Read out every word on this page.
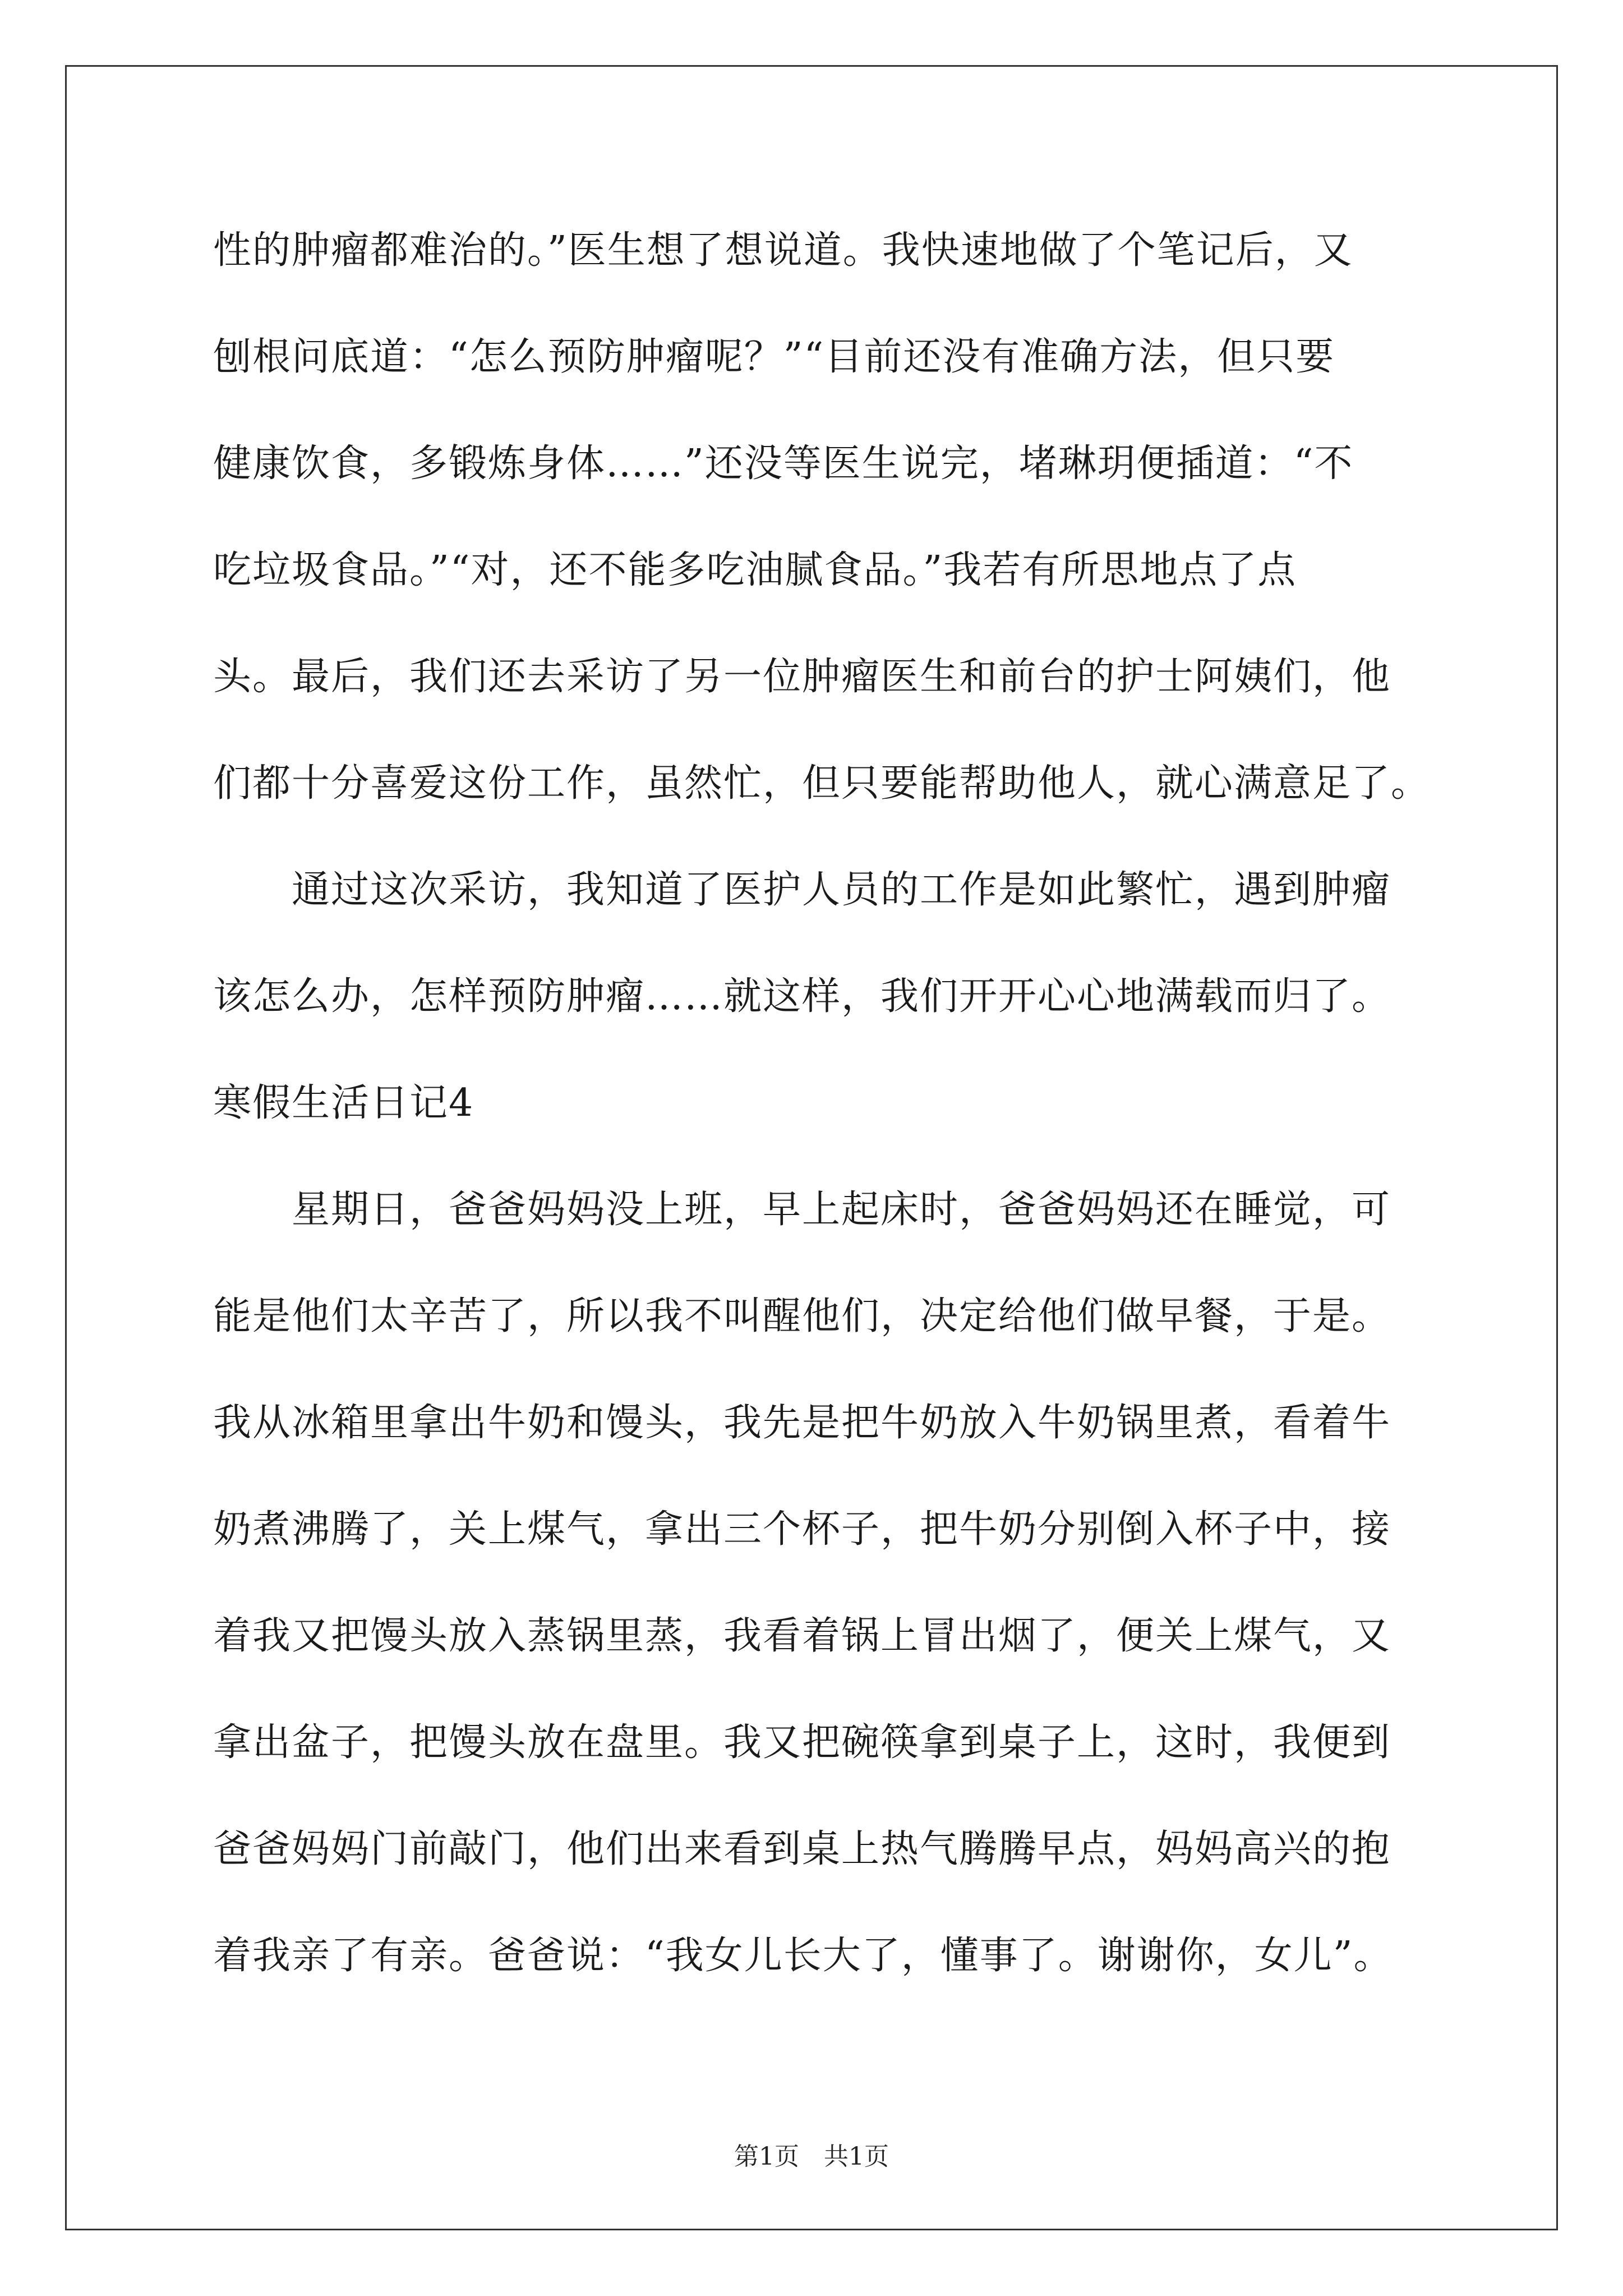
性的肿瘤都难治的。”医生想了想说道。我快速地做了个笔记后，又
刨根问底道：“怎么预防肿瘤呢？”“目前还没有准确方法，但只要
健康饮食，多锻炼身体……”还没等医生说完，堵琳玥便插道：“不
吃垃圾食品。”“对，还不能多吃油腻食品。”我若有所思地点了点
头。最后，我们还去采访了另一位肿瘤医生和前台的护士阿姨们，他
们都十分喜爱这份工作，虽然忙，但只要能帮助他人，就心满意足了。
通过这次采访，我知道了医护人员的工作是如此繁忙，遇到肿瘤
该怎么办，怎样预防肿瘤……就这样，我们开开心心地满载而归了。
寒假生活日记4
星期日，爸爸妈妈没上班，早上起床时，爸爸妈妈还在睡觉，可
能是他们太辛苦了，所以我不叫醒他们，决定给他们做早餐，于是。
我从冰箱里拿出牛奶和馒头，我先是把牛奶放入牛奶锅里煮，看着牛
奶煮沸腾了，关上煤气，拿出三个杯子，把牛奶分别倒入杯子中，接
着我又把馒头放入蒸锅里蒸，我看着锅上冒出烟了，便关上煤气，又
拿出盆子，把馒头放在盘里。我又把碗筷拿到桌子上，这时，我便到
爸爸妈妈门前敲门，他们出来看到桌上热气腾腾早点，妈妈高兴的抱
着我亲了有亲。爸爸说：“我女儿长大了，懂事了。谢谢你，女儿”。
第1页　共1页
